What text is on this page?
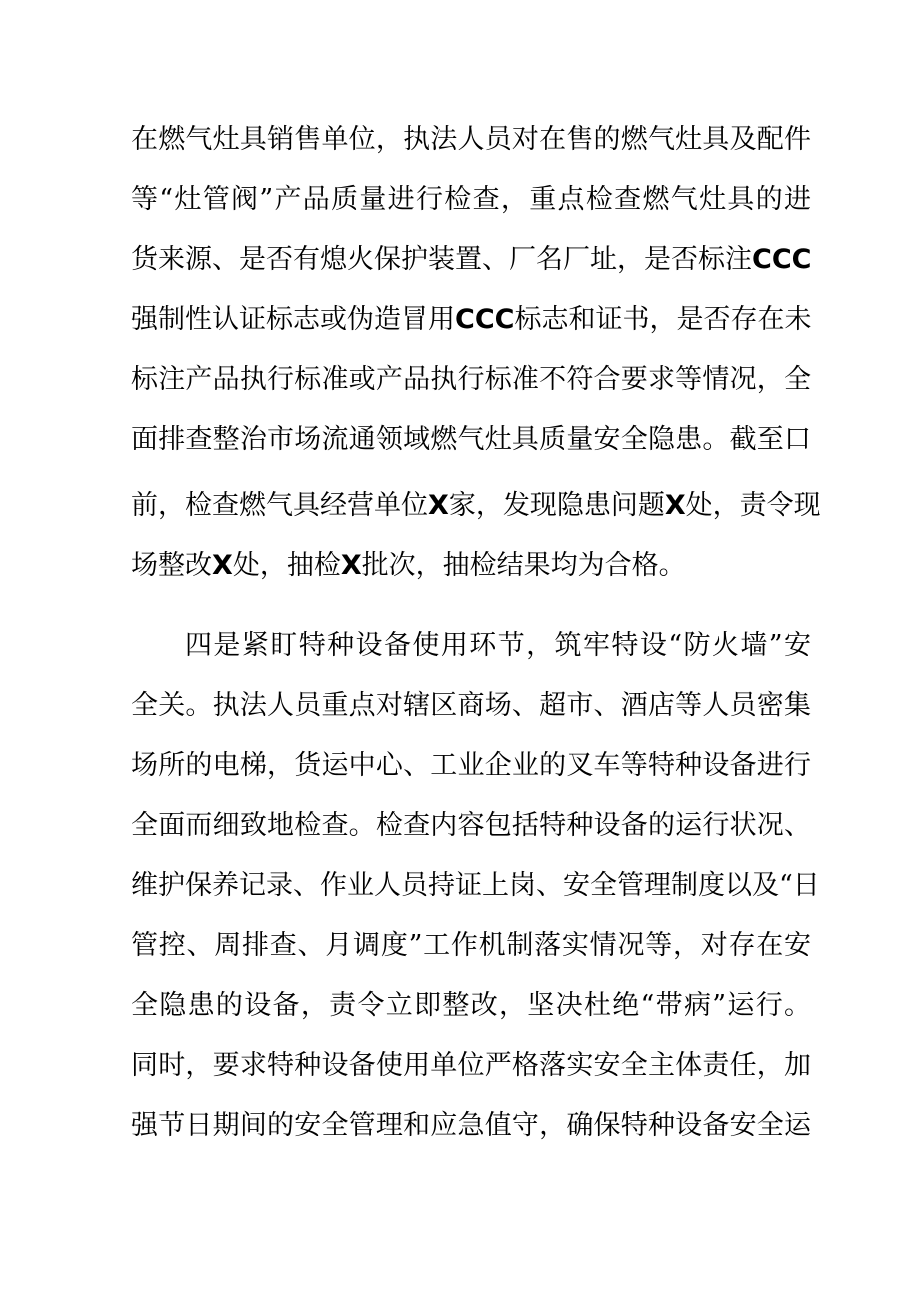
在燃气灶具销售单位，执法人员对在售的燃气灶具及配件
等“灶管阀”产品质量进行检查，重点检查燃气灶具的进
货来源、是否有熄火保护装置、厂名厂址，是否标注CCC
强制性认证标志或伪造冒用CCC标志和证书，是否存在未
标注产品执行标准或产品执行标准不符合要求等情况，全
面排查整治市场流通领域燃气灶具质量安全隐患。截至口
前，检查燃气具经营单位X家，发现隐患问题X处，责令现
场整改X处，抽检X批次，抽检结果均为合格。
四是紧盯特种设备使用环节，筑牢特设“防火墙”安
全关。执法人员重点对辖区商场、超市、酒店等人员密集
场所的电梯，货运中心、工业企业的叉车等特种设备进行
全面而细致地检查。检查内容包括特种设备的运行状况、
维护保养记录、作业人员持证上岗、安全管理制度以及“日
管控、周排查、月调度”工作机制落实情况等，对存在安
全隐患的设备，责令立即整改，坚决杜绝“带病”运行。
同时，要求特种设备使用单位严格落实安全主体责任，加
强节日期间的安全管理和应急值守，确保特种设备安全运
